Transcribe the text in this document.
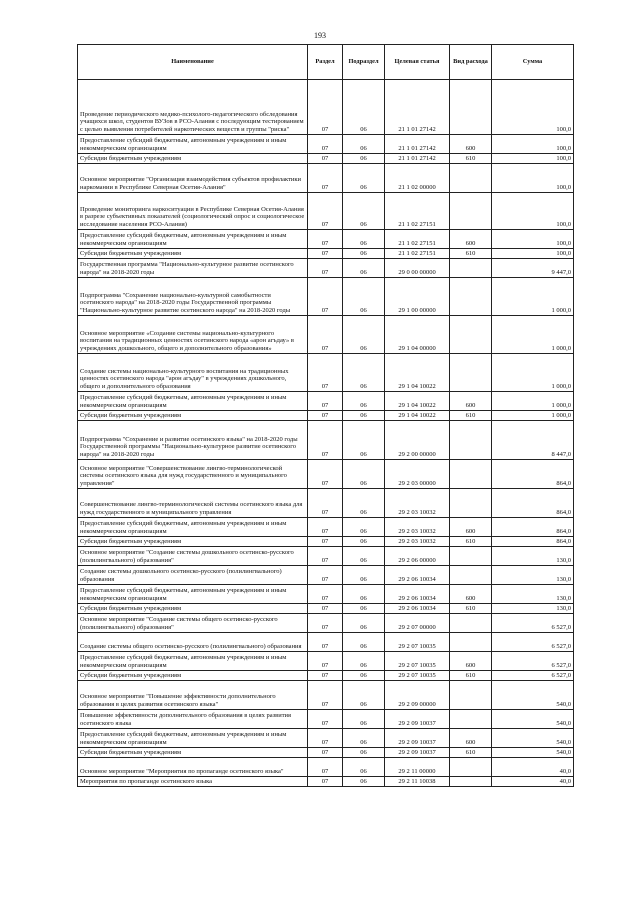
193
Наименование	Раздел	Подраздел	Целевая статья	Вид расхода	Сумма
Проведение периодического медико-психолого-педагогического обследования учащихся школ, студентов ВУЗов в РСО-Алания с последующим тестированием с целью выявления потребителей наркотических веществ и группы "риска"	07	06	21 1 01 27142		100,0
Предоставление субсидий бюджетным, автономным учреждениям и иным некоммерческим организациям	07	06	21 1 01 27142	600	100,0
Субсидии бюджетным учреждениям	07	06	21 1 01 27142	610	100,0
Основное мероприятие "Организация взаимодействия субъектов профилактики наркомании в Республике Северная Осетия-Алания"	07	06	21 1 02 00000		100,0
Проведение мониторинга наркоситуации в Республике Северная Осетия-Алания в разрезе субъективных показателей (социологический опрос и социологическое исследование населения РСО-Алания)	07	06	21 1 02 27151		100,0
Предоставление субсидий бюджетным, автономным учреждениям и иным некоммерческим организациям	07	06	21 1 02 27151	600	100,0
Субсидии бюджетным учреждениям	07	06	21 1 02 27151	610	100,0
Государственная программа "Национально-культурное развитие осетинского народа" на 2018-2020 годы	07	06	29 0 00 00000		9 447,0
Подпрограмма "Сохранение национально-культурной самобытности осетинского народа" на 2018-2020 годы Государственной программы "Национально-культурное развитие осетинского народа" на 2018-2020 годы	07	06	29 1 00 00000		1 000,0
Основное мероприятие «Создание системы национально-культурного воспитания на традиционных ценностях осетинского народа «арон агъдау» в учреждениях дошкольного, общего и дополнительного образования»	07	06	29 1 04 00000		1 000,0
Создание системы национально-культурного воспитания на традиционных ценностях осетинского народа "арон агъдау" в учреждениях дошкольного, общего и дополнительного образования	07	06	29 1 04 10022		1 000,0
Предоставление субсидий бюджетным, автономным учреждениям и иным некоммерческим организациям	07	06	29 1 04 10022	600	1 000,0
Субсидии бюджетным учреждениям	07	06	29 1 04 10022	610	1 000,0
Подпрограмма "Сохранение и развитие осетинского языка" на 2018-2020 годы Государственной программы "Национально-культурное развитие осетинского народа" на 2018-2020 годы	07	06	29 2 00 00000		8 447,0
Основное мероприятие "Совершенствование лингво-терминологической системы осетинского языка для нужд государственного и муниципального управления"	07	06	29 2 03 00000		864,0
Совершенствование лингво-терминологической системы осетинского языка для нужд государственного и муниципального управления	07	06	29 2 03 10032		864,0
Предоставление субсидий бюджетным, автономным учреждениям и иным некоммерческим организациям	07	06	29 2 03 10032	600	864,0
Субсидии бюджетным учреждениям	07	06	29 2 03 10032	610	864,0
Основное мероприятие "Создание системы дошкольного осетинско-русского (полилингвального) образования"	07	06	29 2 06 00000		130,0
Создание системы дошкольного осетинско-русского (полилингвального) образования	07	06	29 2 06 10034		130,0
Предоставление субсидий бюджетным, автономным учреждениям и иным некоммерческим организациям	07	06	29 2 06 10034	600	130,0
Субсидии бюджетным учреждениям	07	06	29 2 06 10034	610	130,0
Основное мероприятие "Создание системы общего осетинско-русского (полилингвального) образования"	07	06	29 2 07 00000		6 527,0
Создание системы общего осетинско-русского (полилингвального) образования	07	06	29 2 07 10035		6 527,0
Предоставление субсидий бюджетным, автономным учреждениям и иным некоммерческим организациям	07	06	29 2 07 10035	600	6 527,0
Субсидии бюджетным учреждениям	07	06	29 2 07 10035	610	6 527,0
Основное мероприятие "Повышение эффективности дополнительного образования в целях развития осетинского языка"	07	06	29 2 09 00000		540,0
Повышение эффективности дополнительного образования в целях развития осетинского языка	07	06	29 2 09 10037		540,0
Предоставление субсидий бюджетным, автономным учреждениям и иным некоммерческим организациям	07	06	29 2 09 10037	600	540,0
Субсидии бюджетным учреждениям	07	06	29 2 09 10037	610	540,0
Основное мероприятие "Мероприятия по пропаганде осетинского языка"	07	06	29 2 11 00000		40,0
Мероприятия по пропаганде осетинского языка	07	06	29 2 11 10038		40,0
